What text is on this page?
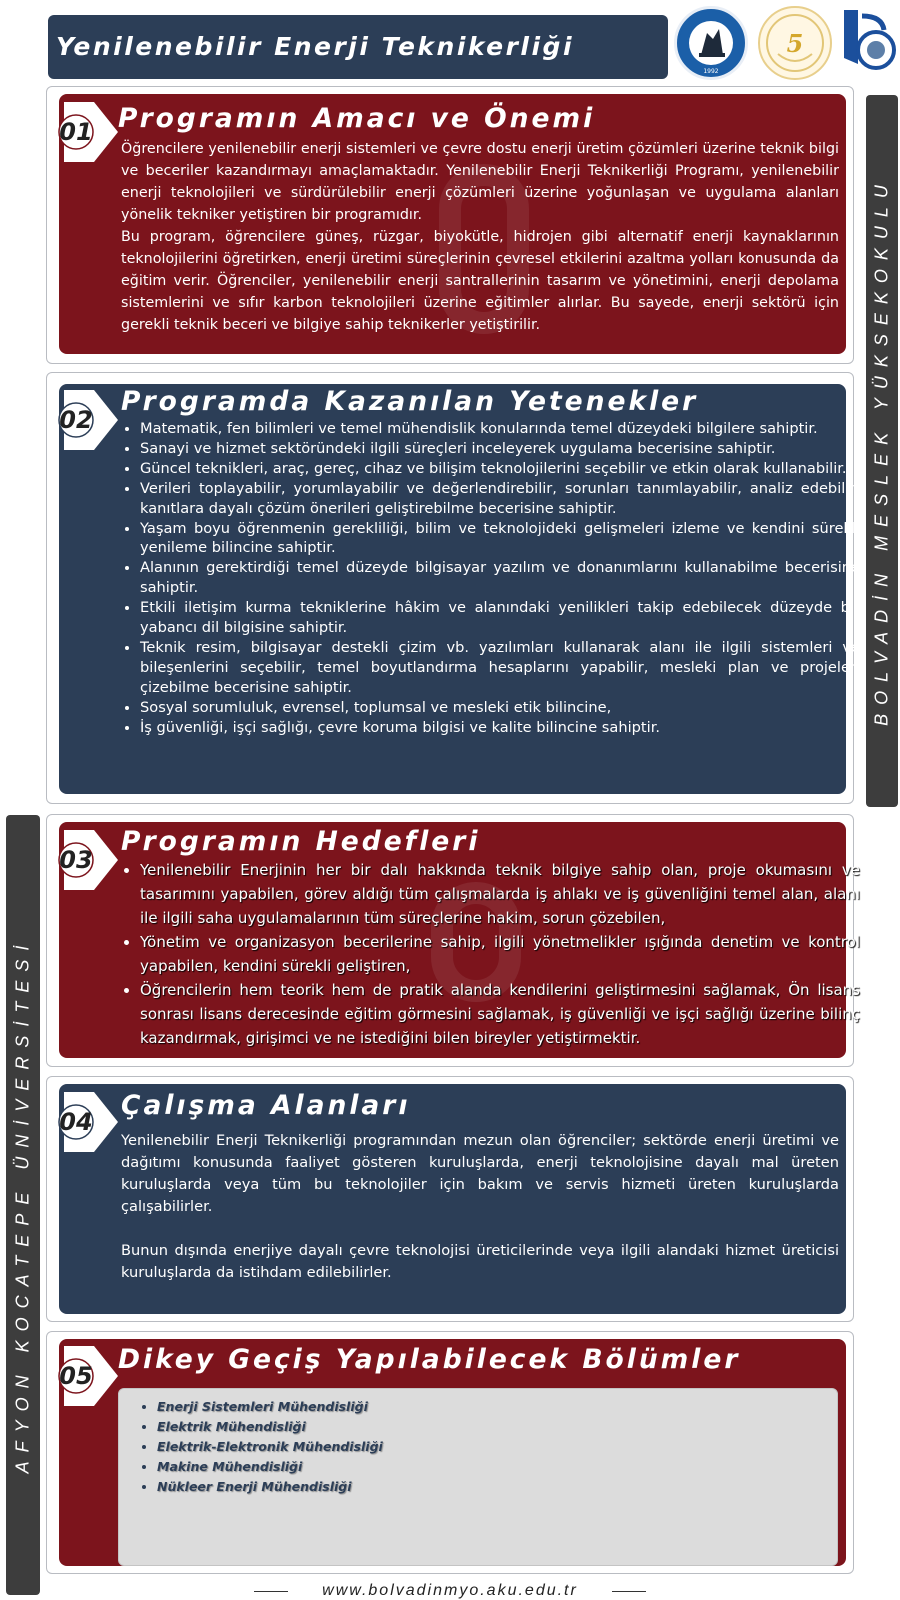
Yenilenebilir Enerji Teknikerliği
1992
5
BOLVADİN MESLEK YÜKSEKOKULU
AFYON KOCATEPE ÜNİVERSİTESİ
01 Programın Amacı ve Önemi

Öğrencilere yenilenebilir enerji sistemleri ve çevre dostu enerji üretim çözümleri üzerine teknik bilgi ve beceriler kazandırmayı amaçlamaktadır. Yenilenebilir Enerji Teknikerliği Programı, yenilenebilir enerji teknolojileri ve sürdürülebilir enerji çözümleri üzerine yoğunlaşan ve uygulama alanları yönelik tekniker yetiştiren bir programıdır.

Bu program, öğrencilere güneş, rüzgar, biyokütle, hidrojen gibi alternatif enerji kaynaklarının teknolojilerini öğretirken, enerji üretimi süreçlerinin çevresel etkilerini azaltma yolları konusunda da eğitim verir. Öğrenciler, yenilenebilir enerji santrallerinin tasarım ve yönetimini, enerji depolama sistemlerini ve sıfır karbon teknolojileri üzerine eğitimler alırlar. Bu sayede, enerji sektörü için gerekli teknik beceri ve bilgiye sahip teknikerler yetiştirilir.

02
Programda Kazanılan Yetenekler
• Matematik, fen bilimleri ve temel mühendislik konularında temel düzeydeki bilgilere sahiptir.
• Sanayi ve hizmet sektöründeki ilgili süreçleri inceleyerek uygulama becerisine sahiptir.
• Güncel teknikleri, araç, gereç, cihaz ve bilişim teknolojilerini seçebilir ve etkin olarak kullanabilir.
• Verileri toplayabilir, yorumlayabilir ve değerlendirebilir, sorunları tanımlayabilir, analiz edebilir, kanıtlara dayalı çözüm önerileri geliştirebilme becerisine sahiptir.
• Yaşam boyu öğrenmenin gerekliliği, bilim ve teknolojideki gelişmeleri izleme ve kendini sürekli yenileme bilincine sahiptir.
• Alanının gerektirdiği temel düzeyde bilgisayar yazılım ve donanımlarını kullanabilme becerisine sahiptir.
• Etkili iletişim kurma tekniklerine hâkim ve alanındaki yenilikleri takip edebilecek düzeyde bir yabancı dil bilgisine sahiptir.
• Teknik resim, bilgisayar destekli çizim vb. yazılımları kullanarak alanı ile ilgili sistemleri ve bileşenlerini seçebilir, temel boyutlandırma hesaplarını yapabilir, mesleki plan ve projeleri çizebilme becerisine sahiptir.
• Sosyal sorumluluk, evrensel, toplumsal ve mesleki etik bilincine,
• İş güvenliği, işçi sağlığı, çevre koruma bilgisi ve kalite bilincine sahiptir.
03
Programın Hedefleri
• Yenilenebilir Enerjinin her bir dalı hakkında teknik bilgiye sahip olan, proje okumasını ve tasarımını yapabilen, görev aldığı tüm çalışmalarda iş ahlakı ve iş güvenliğini temel alan, alanı ile ilgili saha uygulamalarının tüm süreçlerine hakim, sorun çözebilen,
• Yönetim ve organizasyon becerilerine sahip, ilgili yönetmelikler ışığında denetim ve kontrol yapabilen, kendini sürekli geliştiren,
• Öğrencilerin hem teorik hem de pratik alanda kendilerini geliştirmesini sağlamak, Ön lisans sonrası lisans derecesinde eğitim görmesini sağlamak, iş güvenliği ve işçi sağlığı üzerine bilinç kazandırmak, girişimci ve ne istediğini bilen bireyler yetiştirmektir.
04
Çalışma Alanları

Yenilenebilir Enerji Teknikerliği programından mezun olan öğrenciler; sektörde enerji üretimi ve dağıtımı konusunda faaliyet gösteren kuruluşlarda, enerji teknolojisine dayalı mal üreten kuruluşlarda veya tüm bu teknolojiler için bakım ve servis hizmeti üreten kuruluşlarda çalışabilirler.

Bunun dışında enerjiye dayalı çevre teknolojisi üreticilerinde veya ilgili alandaki hizmet üreticisi kuruluşlarda da istihdam edilebilirler.

05
Dikey Geçiş Yapılabilecek Bölümler
• Enerji Sistemleri Mühendisliği
• Elektrik Mühendisliği
• Elektrik-Elektronik Mühendisliği
• Makine Mühendisliği
• Nükleer Enerji Mühendisliği
www.bolvadinmyo.aku.edu.tr
